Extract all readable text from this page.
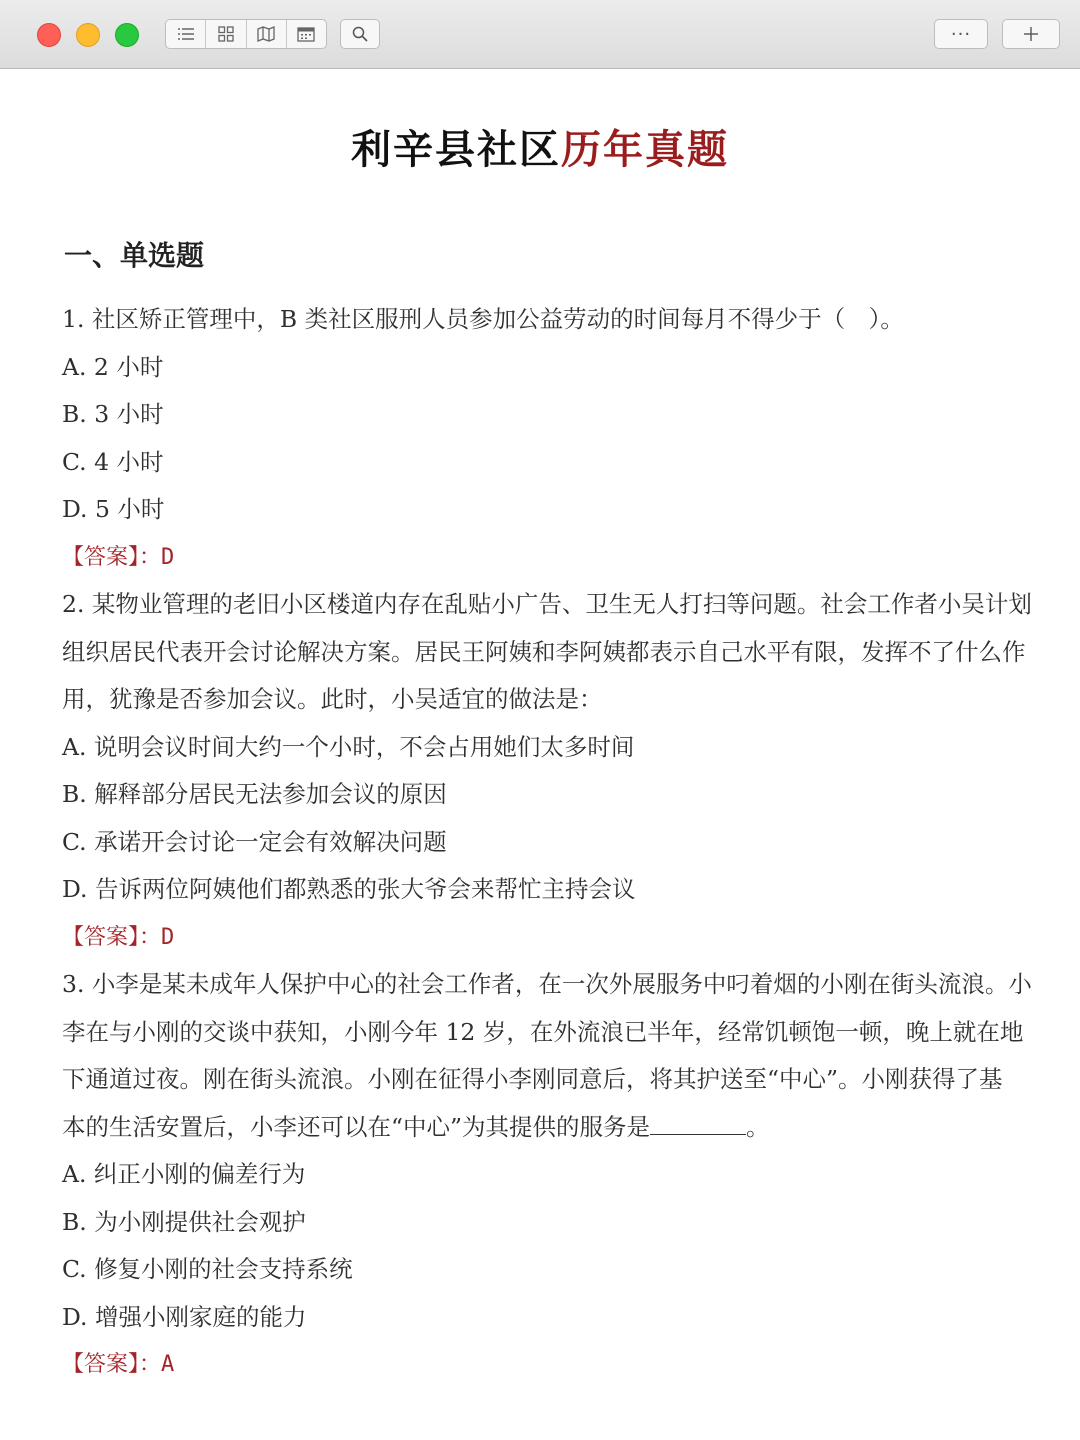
···
利辛县社区历年真题
一、单选题
1. 社区矫正管理中，B 类社区服刑人员参加公益劳动的时间每月不得少于（　）。
A. 2 小时
B. 3 小时
C. 4 小时
D. 5 小时
【答案】：D
2. 某物业管理的老旧小区楼道内存在乱贴小广告、卫生无人打扫等问题。社会工作者小吴计划
组织居民代表开会讨论解决方案。居民王阿姨和李阿姨都表示自己水平有限，发挥不了什么作
用，犹豫是否参加会议。此时，小吴适宜的做法是：
A. 说明会议时间大约一个小时，不会占用她们太多时间
B. 解释部分居民无法参加会议的原因
C. 承诺开会讨论一定会有效解决问题
D. 告诉两位阿姨他们都熟悉的张大爷会来帮忙主持会议
【答案】：D
3. 小李是某未成年人保护中心的社会工作者，在一次外展服务中叼着烟的小刚在街头流浪。小
李在与小刚的交谈中获知，小刚今年 12 岁，在外流浪已半年，经常饥顿饱一顿，晚上就在地
下通道过夜。刚在街头流浪。小刚在征得小李刚同意后，将其护送至“中心”。小刚获得了基
本的生活安置后，小李还可以在“中心”为其提供的服务是	。
A. 纠正小刚的偏差行为
B. 为小刚提供社会观护
C. 修复小刚的社会支持系统
D. 增强小刚家庭的能力
【答案】：A
